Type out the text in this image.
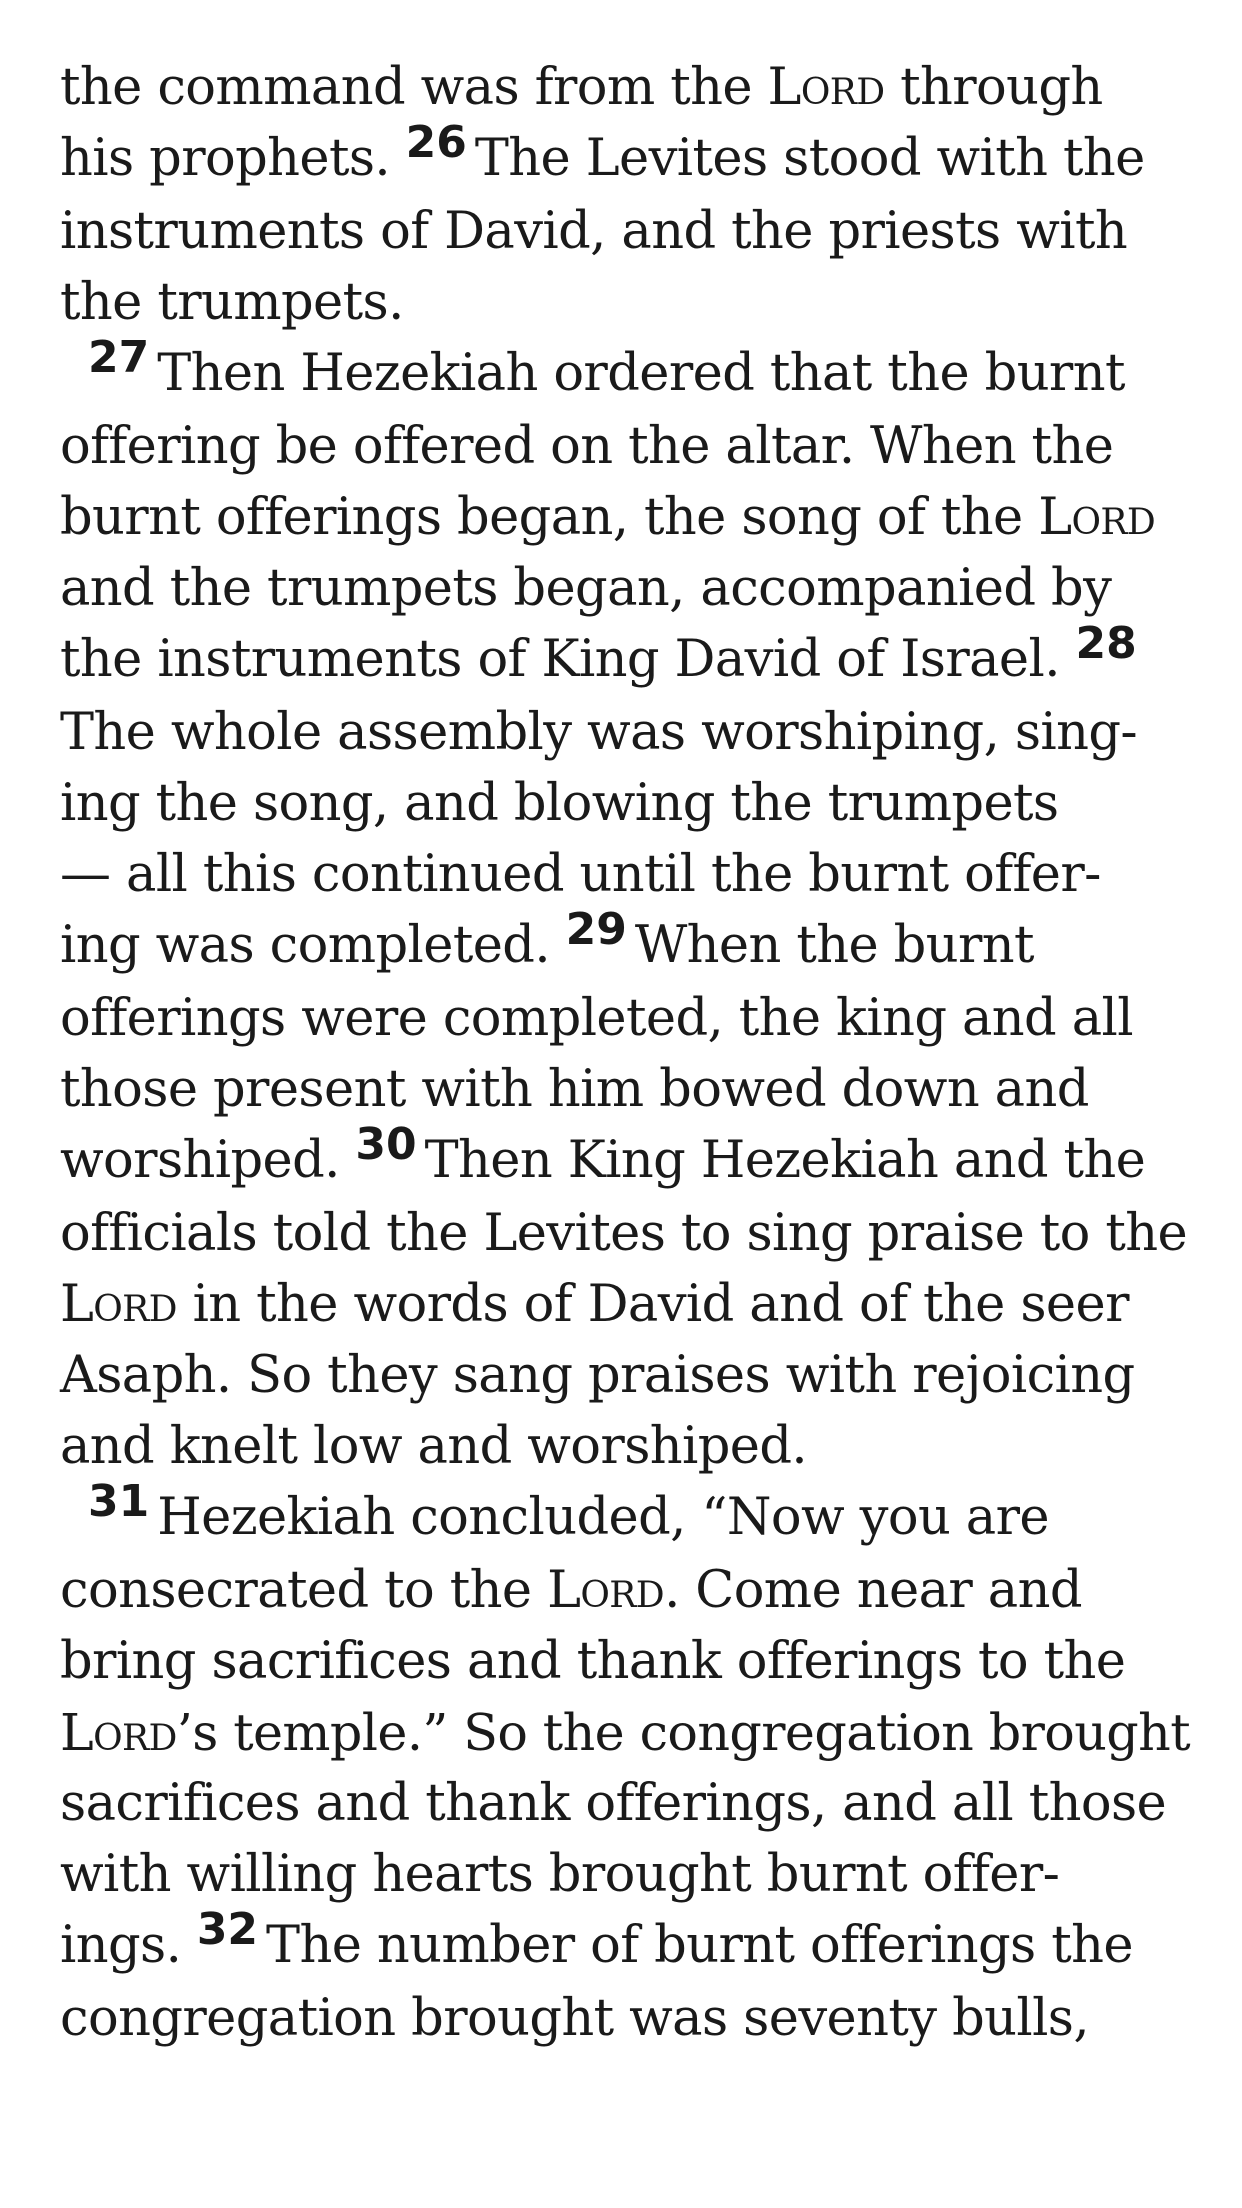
the command was from the Lord through
his prophets. 26 The Levites stood with the
instruments of David, and the priests with
the trumpets.
27 Then Hezekiah ordered that the burnt
offering be offered on the altar. When the
burnt offerings began, the song of the Lord
and the trumpets began, accompanied by
the instruments of King David of Israel. 28
The whole assembly was worshiping, sing-
ing the song, and blowing the trumpets
— all this continued until the burnt offer-
ing was completed. 29 When the burnt
offerings were completed, the king and all
those present with him bowed down and
worshiped. 30 Then King Hezekiah and the
officials told the Levites to sing praise to the
Lord in the words of David and of the seer
Asaph. So they sang praises with rejoicing
and knelt low and worshiped.
31 Hezekiah concluded, “Now you are
consecrated to the Lord. Come near and
bring sacrifices and thank offerings to the
Lord’s temple.” So the congregation brought
sacrifices and thank offerings, and all those
with willing hearts brought burnt offer-
ings. 32 The number of burnt offerings the
congregation brought was seventy bulls,
